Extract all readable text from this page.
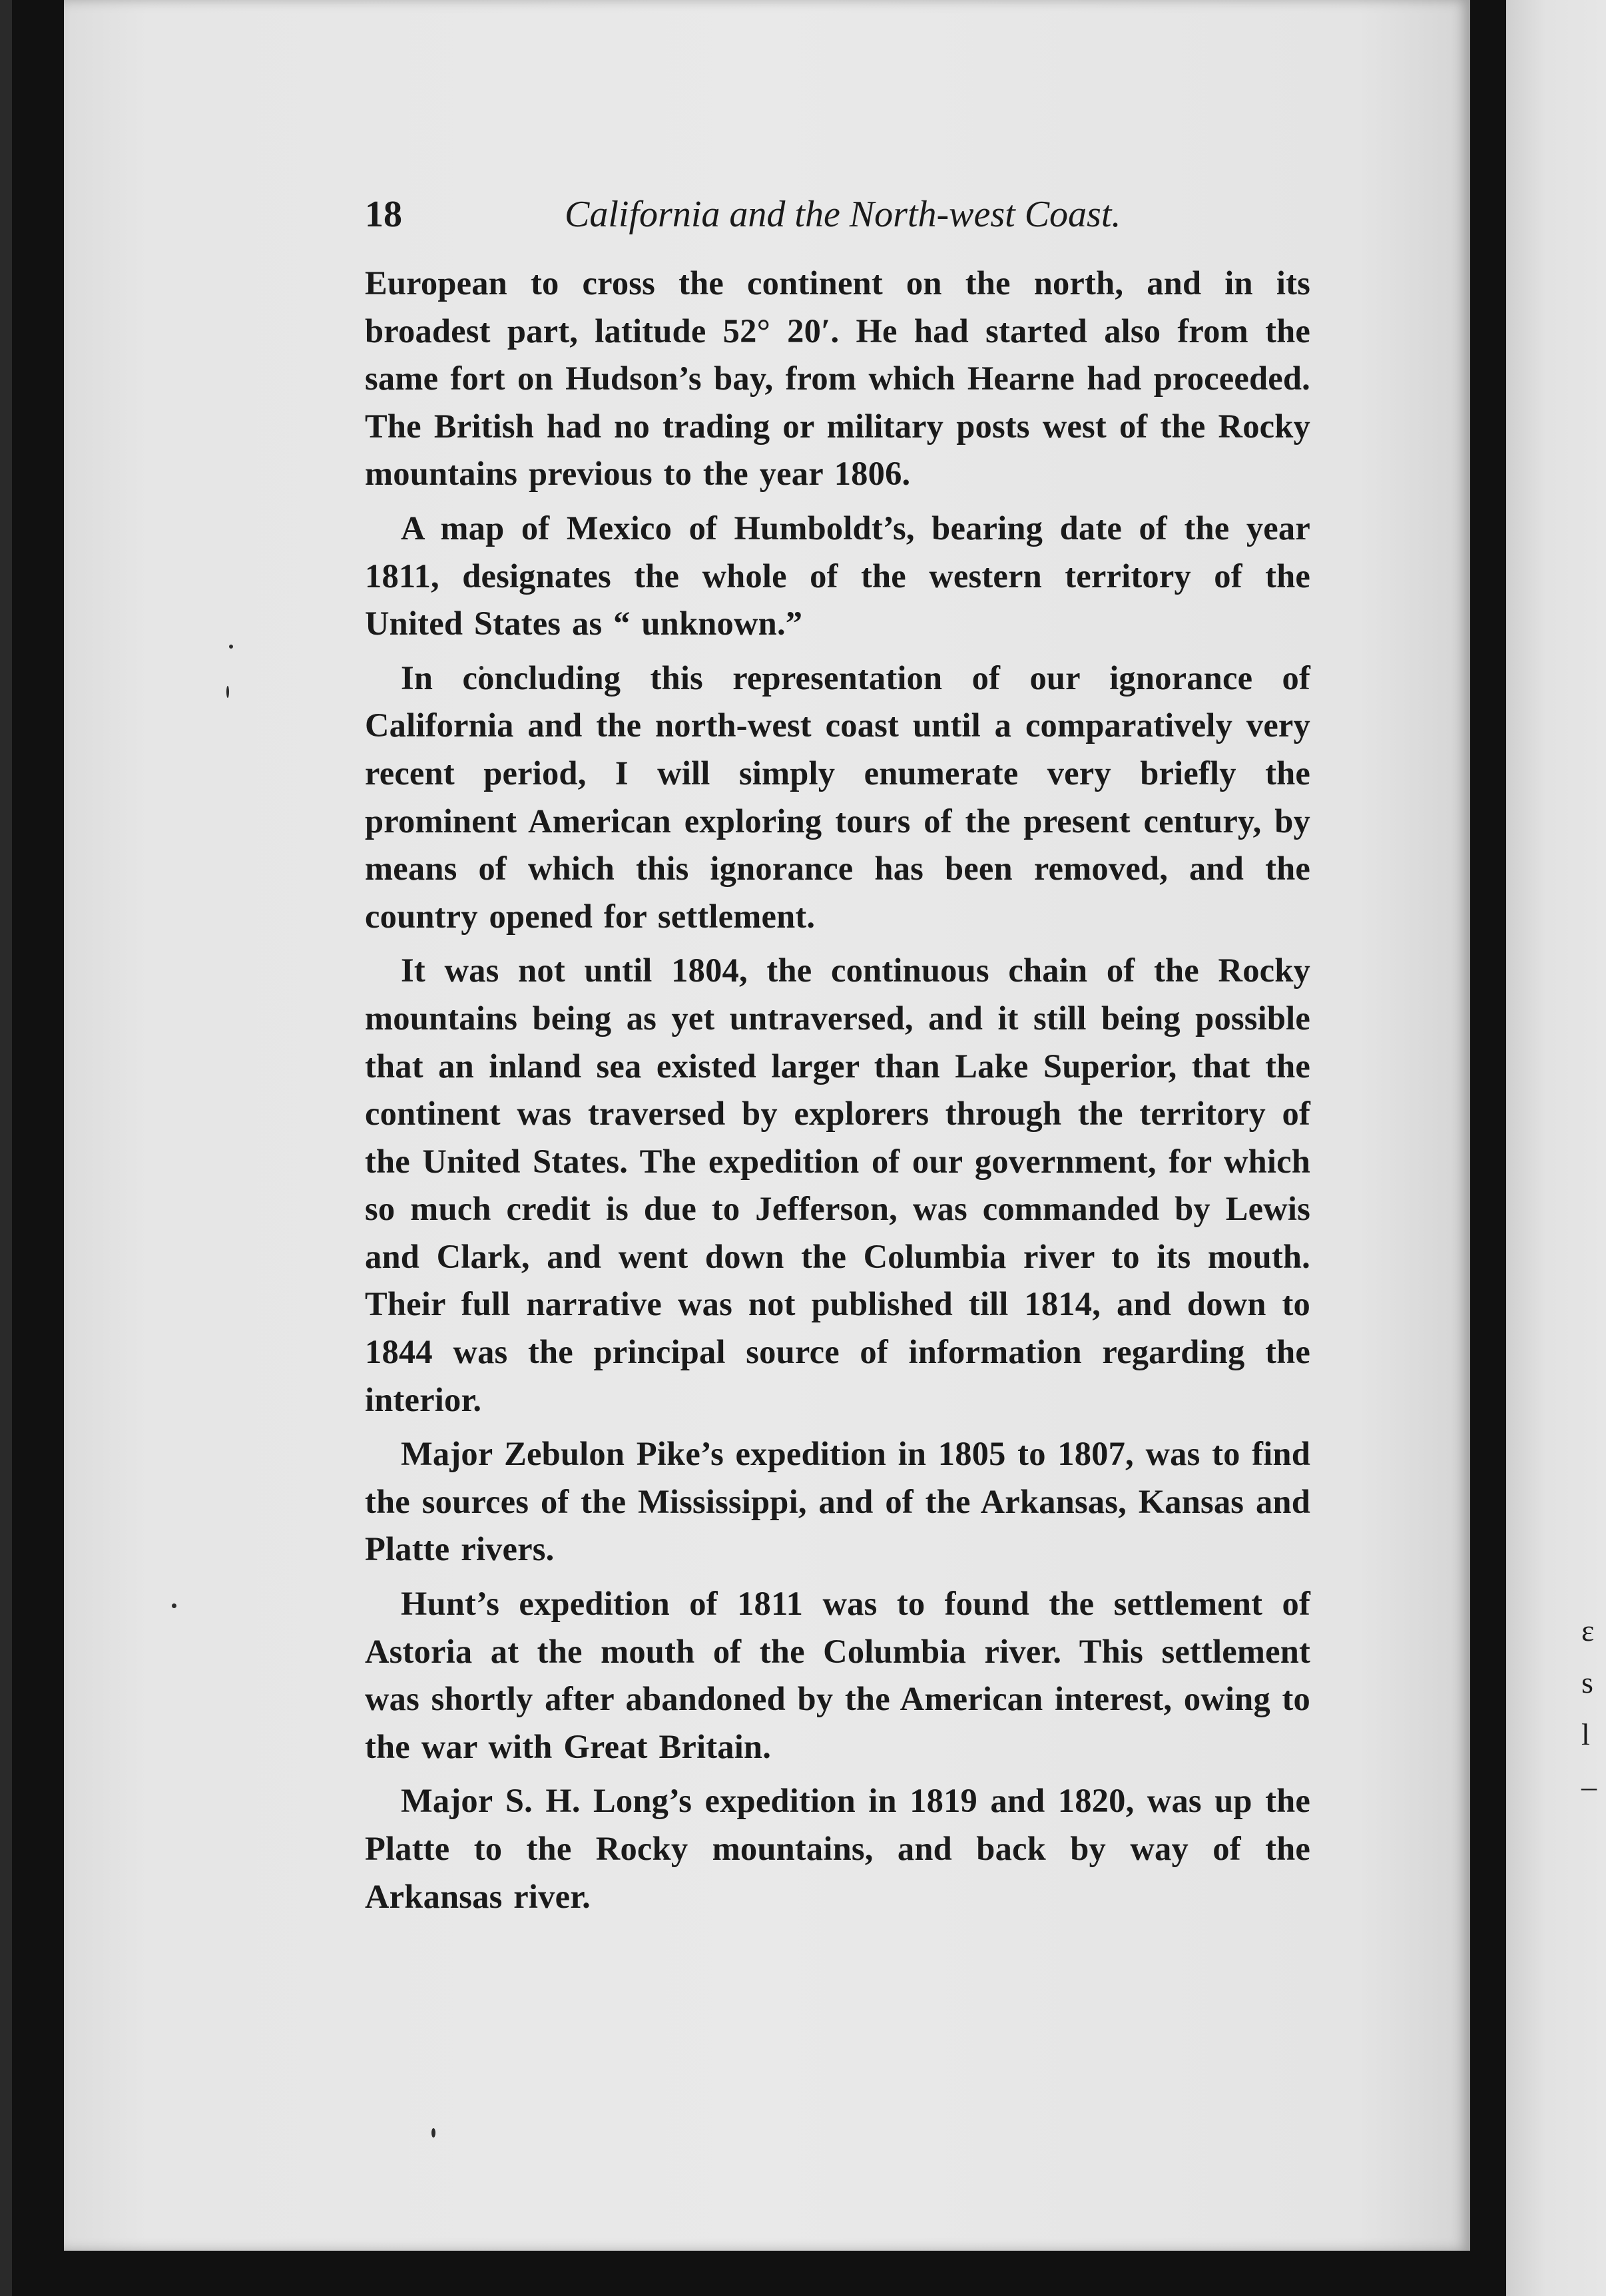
ε
s
l
–
18	California and the North-west Coast.

European to cross the continent on the north, and in its broadest part, latitude 52° 20′. He had started also from the same fort on Hudson’s bay, from which Hearne had proceeded. The British had no trading or military posts west of the Rocky mountains previous to the year 1806.

A map of Mexico of Humboldt’s, bearing date of the year 1811, designates the whole of the western territory of the United States as “ unknown.”

In concluding this representation of our ignorance of California and the north-west coast until a comparatively very recent period, I will simply enumerate very briefly the prominent American exploring tours of the present century, by means of which this ignorance has been removed, and the country opened for settlement.

It was not until 1804, the continuous chain of the Rocky mountains being as yet untraversed, and it still being possible that an inland sea existed larger than Lake Superior, that the continent was traversed by explorers through the territory of the United States. The expedition of our government, for which so much credit is due to Jefferson, was commanded by Lewis and Clark, and went down the Columbia river to its mouth. Their full narrative was not published till 1814, and down to 1844 was the principal source of information regarding the interior.

Major Zebulon Pike’s expedition in 1805 to 1807, was to find the sources of the Mississippi, and of the Arkansas, Kansas and Platte rivers.

Hunt’s expedition of 1811 was to found the settlement of Astoria at the mouth of the Columbia river. This settlement was shortly after abandoned by the American interest, owing to the war with Great Britain.

Major S. H. Long’s expedition in 1819 and 1820, was up the Platte to the Rocky mountains, and back by way of the Arkansas river.
